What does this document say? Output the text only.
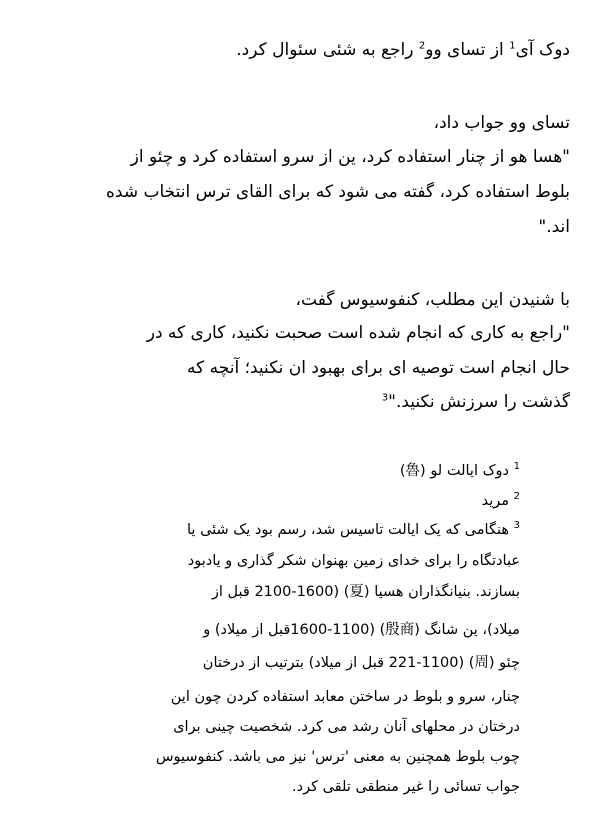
دوک آی$^1$ از تسای وو$^2$ راجع به شئی سئوال کرد.
تسای وو جواب داد،
"هسا هو از چنار استفاده کرد، ین از سرو استفاده کرد و چئو از
بلوط استفاده کرد، گفته می شود که برای القای ترس انتخاب شده
اند."
با شنیدن این مطلب، کنفوسیوس گفت،
"راجع به کاری که انجام شده است صحبت نکنید، کاری که در
حال انجام است توصیه ای برای بهبود ان نکنید؛ آنچه که
گذشت را سرزنش نکنید."$^3$
$^1$ دوک ایالت لو (魯)
$^2$ مرید
$^3$ هنگامی که یک ایالت تاسیس شد، رسم بود یک شئی یا
عبادتگاه را برای خدای زمین بهنوان شکر گذاری و یادبود
بسازند. بنیانگذاران هسیا (夏) (2100-1600 قبل از
میلاد)، ین شانگ (殷商) (1600-1100قبل از میلاد) و
چئو (周) (221-1100 قبل از میلاد) بترتیب از درختان
چنار، سرو و بلوط در ساختن معابد استفاده کردن چون این
درختان در محلهای آنان رشد می کرد. شخصیت چینی برای
چوب بلوط همچنین به معنی 'ترس' نیز می باشد. کنفوسیوس
جواب تسائی را غیر منطقی تلقی کرد.
